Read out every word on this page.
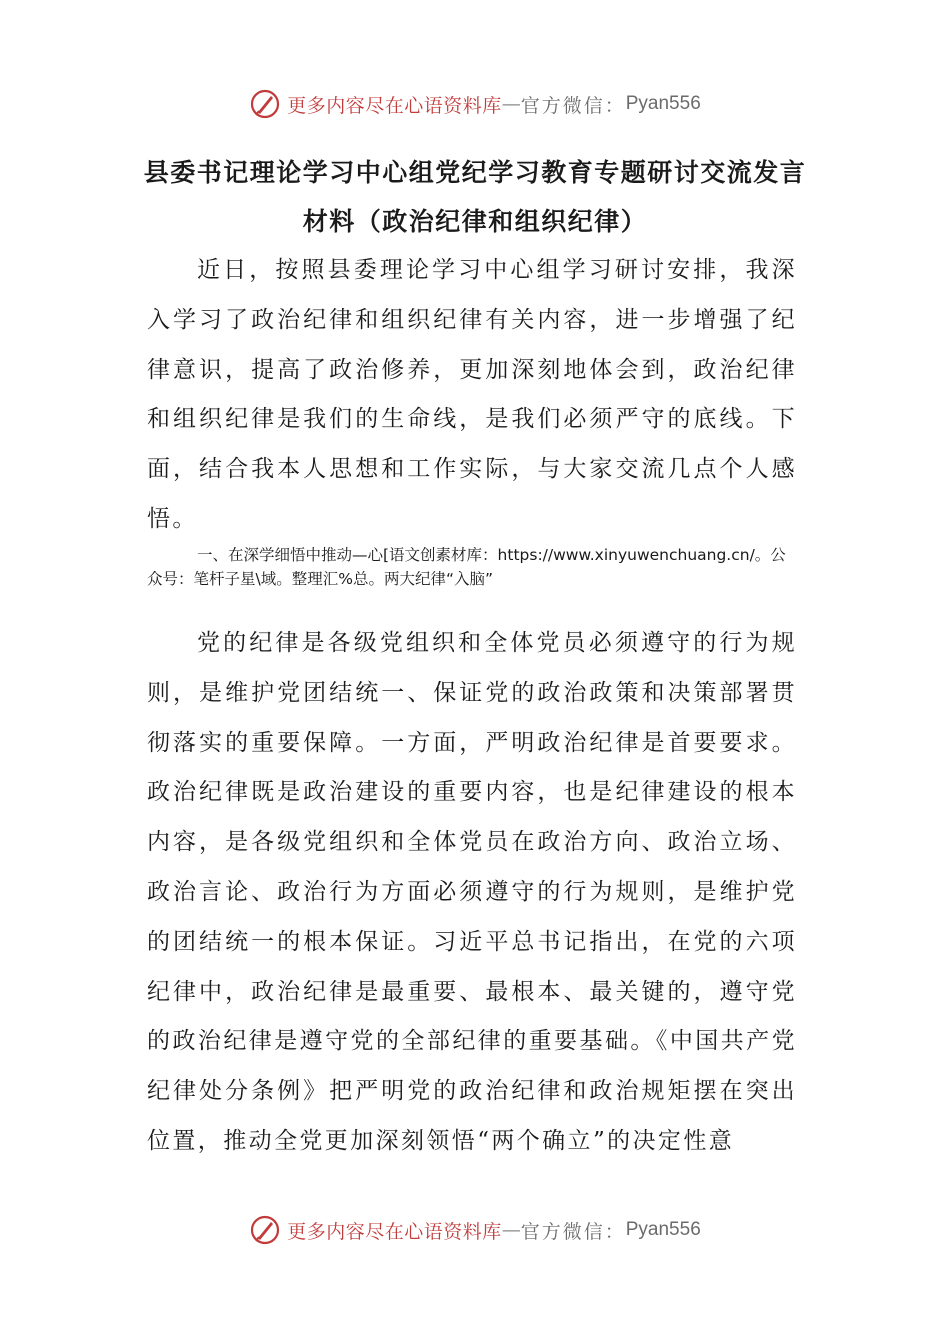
更多内容尽在心语资料库 — 官方微信： Pyan556
县委书记理论学习中心组党纪学习教育专题研讨交流发言
材料（政治纪律和组织纪律）

近日，按照县委理论学习中心组学习研讨安排，我深入学习了政治纪律和组织纪律有关内容，进一步增强了纪律意识，提高了政治修养，更加深刻地体会到，政治纪律和组织纪律是我们的生命线，是我们必须严守的底线。下面，结合我本人思想和工作实际，与大家交流几点个人感悟。

一、在深学细悟中推动—心[语文创素材库：https://www.xinyuwenchuang.cn/。公众号：笔杆子星\域。整理汇%总。两大纪律“入脑”

党的纪律是各级党组织和全体党员必须遵守的行为规则，是维护党团结统一、保证党的政治政策和决策部署贯彻落实的重要保障。一方面，严明政治纪律是首要要求。政治纪律既是政治建设的重要内容，也是纪律建设的根本内容，是各级党组织和全体党员在政治方向、政治立场、政治言论、政治行为方面必须遵守的行为规则，是维护党的团结统一的根本保证。习近平总书记指出，在党的六项纪律中，政治纪律是最重要、最根本、最关键的，遵守党的政治纪律是遵守党的全部纪律的重要基础。《中国共产党纪律处分条例》把严明党的政治纪律和政治规矩摆在突出位置，推动全党更加深刻领悟“两个确立”的决定性意

更多内容尽在心语资料库 — 官方微信： Pyan556
